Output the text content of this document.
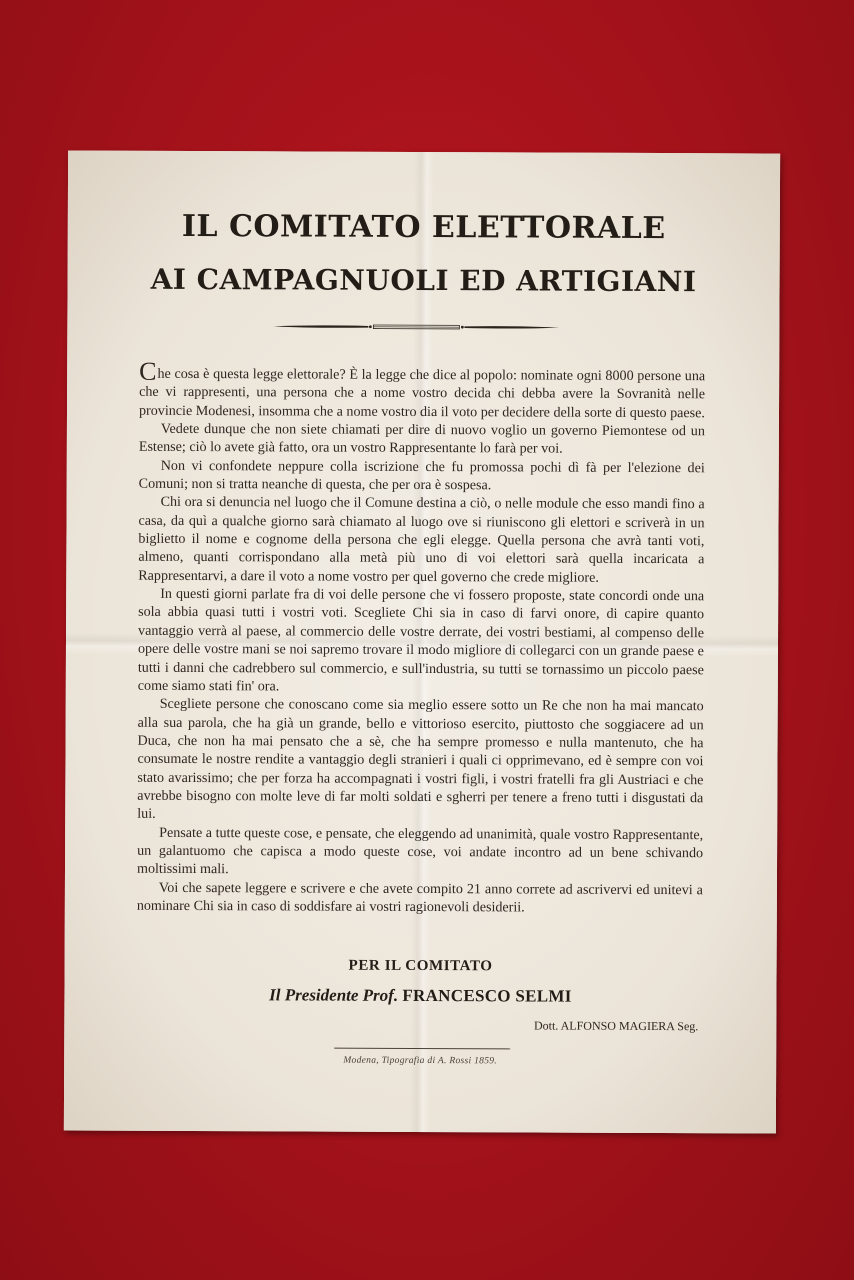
IL COMITATO ELETTORALE
AI CAMPAGNUOLI ED ARTIGIANI

Che cosa è questa legge elettorale? È la legge che dice al popolo: nominate ogni 8000 persone una che vi rappresenti, una persona che a nome vostro decida chi debba avere la Sovranità nelle provincie Modenesi, insomma che a nome vostro dia il voto per decidere della sorte di questo paese.

Vedete dunque che non siete chiamati per dire di nuovo voglio un governo Piemontese od un Estense; ciò lo avete già fatto, ora un vostro Rappresentante lo farà per voi.

Non vi confondete neppure colla iscrizione che fu promossa pochi dì fà per l'elezione dei Comuni; non si tratta neanche di questa, che per ora è sospesa.

Chi ora si denuncia nel luogo che il Comune destina a ciò, o nelle module che esso mandi fino a casa, da quì a qualche giorno sarà chiamato al luogo ove si riuniscono gli elettori e scriverà in un biglietto il nome e cognome della persona che egli elegge. Quella persona che avrà tanti voti, almeno, quanti corrispondano alla metà più uno di voi elettori sarà quella incaricata a Rappresentarvi, a dare il voto a nome vostro per quel governo che crede migliore.

In questi giorni parlate fra di voi delle persone che vi fossero proposte, state concordi onde una sola abbia quasi tutti i vostri voti. Scegliete Chi sia in caso di farvi onore, di capire quanto vantaggio verrà al paese, al commercio delle vostre derrate, dei vostri bestiami, al compenso delle opere delle vostre mani se noi sapremo trovare il modo migliore di collegarci con un grande paese e tutti i danni che cadrebbero sul commercio, e sull'industria, su tutti se tornassimo un piccolo paese come siamo stati fin' ora.

Scegliete persone che conoscano come sia meglio essere sotto un Re che non ha mai mancato alla sua parola, che ha già un grande, bello e vittorioso esercito, piuttosto che soggiacere ad un Duca, che non ha mai pensato che a sè, che ha sempre promesso e nulla mantenuto, che ha consumate le nostre rendite a vantaggio degli stranieri i quali ci opprimevano, ed è sempre con voi stato avarissimo; che per forza ha accompagnati i vostri figli, i vostri fratelli fra gli Austriaci e che avrebbe bisogno con molte leve di far molti soldati e sgherri per tenere a freno tutti i disgustati da lui.

Pensate a tutte queste cose, e pensate, che eleggendo ad unanimità, quale vostro Rappresentante, un galantuomo che capisca a modo queste cose, voi andate incontro ad un bene schivando moltissimi mali.

Voi che sapete leggere e scrivere e che avete compito 21 anno correte ad ascrivervi ed unitevi a nominare Chi sia in caso di soddisfare ai vostri ragionevoli desiderii.

PER IL COMITATO
Il Presidente Prof. FRANCESCO SELMI
Dott. ALFONSO MAGIERA Seg.
Modena, Tipografia di A. Rossi 1859.
